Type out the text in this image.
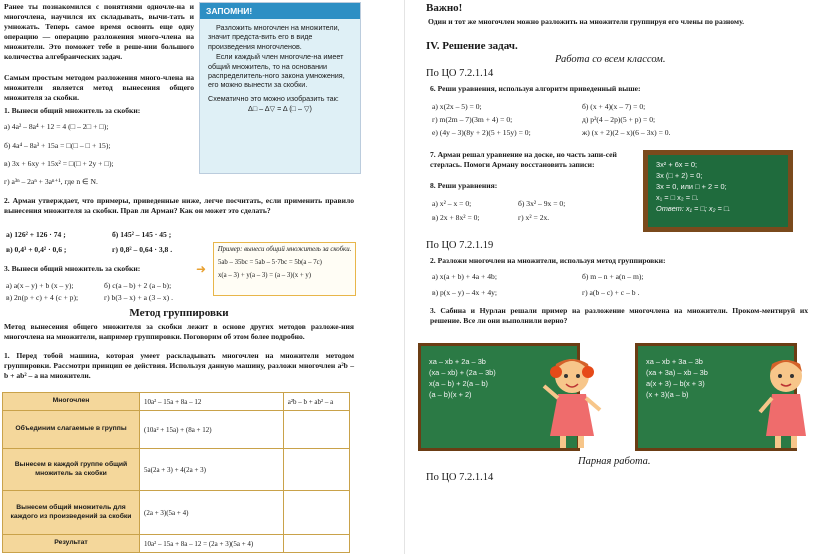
Ранее ты познакомился с понятиями одночле-на и многочлена, научился их складывать, вычи-тать и умножать. Теперь самое время освоить еще одну операцию — операцию разложения много-члена на множители. Это поможет тебе в реше-нии большого количества алгебраических задач.
Самым простым методом разложения много-члена на множители является метод вынесения общего множителя за скобки.
ЗАПОМНИ!
Разложить многочлен на множители, значит предста-вить его в виде произведения многочленов.
Если каждый член многочле-на имеет общий множитель, то на основании распределитель-ного закона умножения, его можно вынести за скобки.
Схематично это можно изобразить так:
Δ□ – Δ▽ = Δ (□ – ▽)
1. Вынеси общий множитель за скобки:
а) 4a² – 8a⁴ + 12 = 4 (□ – 2□ + □);
б) 4a⁴ – 8a³ + 15a = □(□ – □ + 15);
в) 3x + 6xy + 15x² = □(□ + 2y + □);
г) a³ⁿ – 2aⁿ + 3aⁿ⁺¹, где n ∈ N.
2. Арман утверждает, что примеры, приведенные ниже, легче посчитать, если применить правило вынесения множителя за скобки. Прав ли Арман? Как он может это сделать?
а) 126² + 126 · 74 ;	б) 145² – 145 · 45 ;
в) 0,4³ + 0,4² · 0,6 ;	г) 0,8² – 0,64 · 3,8 .	Пример: вынеси общий множитель за скобки.
5ab – 35bc = 5ab – 5·7bc = 5b(a – 7c)
x(a – 3) + y(a – 3) = (a – 3)(x + y)
➜
3. Вынеси общий множитель за скобки:
а) a(x – y) + b (x – y);	б) c(a – b) + 2 (a – b);
в) 2n(p + c) + 4 (c + p);	г) b(3 – x) + a (3 – x) .
Метод группировки
Метод вынесения общего множителя за скобки лежит в основе других методов разложе-ния многочлена на множители, например группировки. Поговорим об этом более подробно.
1. Перед тобой машина, которая умеет раскладывать многочлен на множители методом группировки. Рассмотри принцип ее действия. Используя данную машину, разложи многочлен a²b – b + ab² – a на множители.
Многочлен	10a² – 15a + 8a – 12	a²b – b + ab² – a
Объединим слагаемые в группы	(10a² + 15a) + (8a + 12)	
Вынесем в каждой группе общий множитель за скобки	5a(2a + 3) + 4(2a + 3)	
Вынесем общий множитель для каждого из произведений за скобки	(2a + 3)(5a + 4)	
Результат	10a² – 15a + 8a – 12 = (2a + 3)(5a + 4)	
Важно!
Один и тот же многочлен можно разложить на множители группируя его члены по разному.
IV. Решение задач.
Работа со всем классом.
По ЦО 7.2.1.14
6. Реши уравнения, используя алгоритм приведенный выше:
а) x(2x – 5) = 0;	б) (x + 4)(x – 7) = 0;
г) m(2m – 7)(3m + 4) = 0;	д) p²(4 – 2p)(5 + p) = 0;
е) (4y – 3)(8y + 2)(5 + 15y) = 0;	ж) (x + 2)(2 – x)(6 – 3x) = 0.
7. Арман решал уравнение на доске, но часть запи-сей стерлась. Помоги Арману восстановить записи:	3x² + 6x = 0;
3x (□ + 2) = 0;
3x = 0, или □ + 2 = 0;
x₁ = □ x₂ = □.
Ответ: x₁ = □; x₂ = □.
8. Реши уравнения:
а) x² – x = 0;	б) 3x² – 9x = 0;
в) 2x + 8x² = 0;	г) x² = 2x.
По ЦО 7.2.1.19
2. Разложи многочлен на множители, используя метод группировки:
а) x(a + b) + 4a + 4b;	б) m – n + a(n – m);
в) p(x – y) – 4x + 4y;	г) a(b – c) + c – b .
3. Сабина и Нурлан решали пример на разложение многочлена на множители. Проком-ментируй их решение. Все ли они выполнили верно?
xa – xb + 2a – 3b
(xa – xb) + (2a – 3b)
x(a – b) + 2(a – b)
(a – b)(x + 2)
xa – xb + 3a – 3b
(xa + 3a) – xb – 3b
a(x + 3) – b(x + 3)
(x + 3)(a – b)
Парная работа.
По ЦО 7.2.1.14
